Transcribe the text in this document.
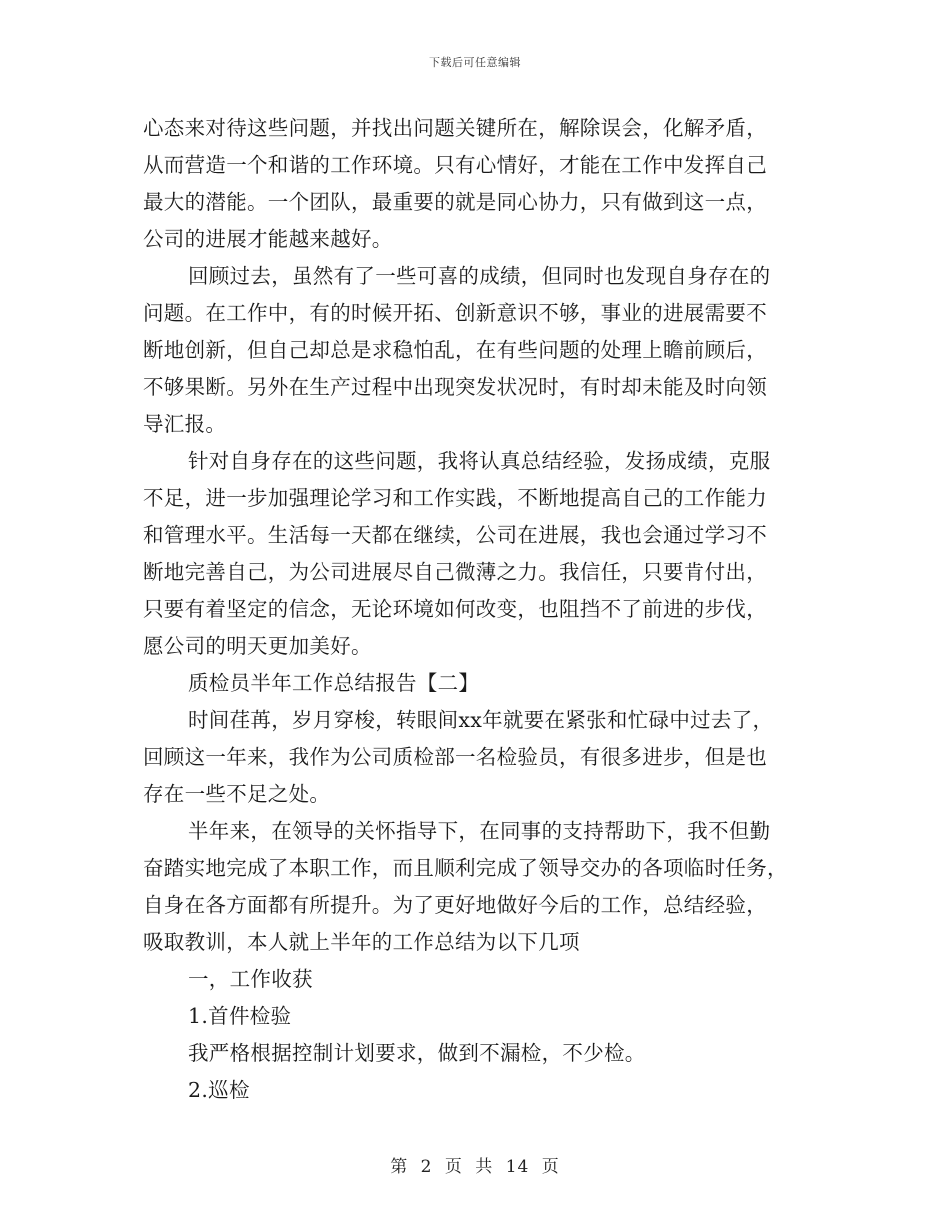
下载后可任意编辑
心态来对待这些问题，并找出问题关键所在，解除误会，化解矛盾，
从而营造一个和谐的工作环境。只有心情好，才能在工作中发挥自己
最大的潜能。一个团队，最重要的就是同心协力，只有做到这一点，
公司的进展才能越来越好。
回顾过去，虽然有了一些可喜的成绩，但同时也发现自身存在的
问题。在工作中，有的时候开拓、创新意识不够，事业的进展需要不
断地创新，但自己却总是求稳怕乱，在有些问题的处理上瞻前顾后，
不够果断。另外在生产过程中出现突发状况时，有时却未能及时向领
导汇报。
针对自身存在的这些问题，我将认真总结经验，发扬成绩，克服
不足，进一步加强理论学习和工作实践，不断地提高自己的工作能力
和管理水平。生活每一天都在继续，公司在进展，我也会通过学习不
断地完善自己，为公司进展尽自己微薄之力。我信任，只要肯付出，
只要有着坚定的信念，无论环境如何改变，也阻挡不了前进的步伐，
愿公司的明天更加美好。
质检员半年工作总结报告【二】
时间荏苒，岁月穿梭，转眼间xx年就要在紧张和忙碌中过去了，
回顾这一年来，我作为公司质检部一名检验员，有很多进步，但是也
存在一些不足之处。
半年来，在领导的关怀指导下，在同事的支持帮助下，我不但勤
奋踏实地完成了本职工作，而且顺利完成了领导交办的各项临时任务，
自身在各方面都有所提升。为了更好地做好今后的工作，总结经验，
吸取教训，本人就上半年的工作总结为以下几项
一，工作收获
1.首件检验
我严格根据控制计划要求，做到不漏检，不少检。
2.巡检
第 2 页 共 14 页
